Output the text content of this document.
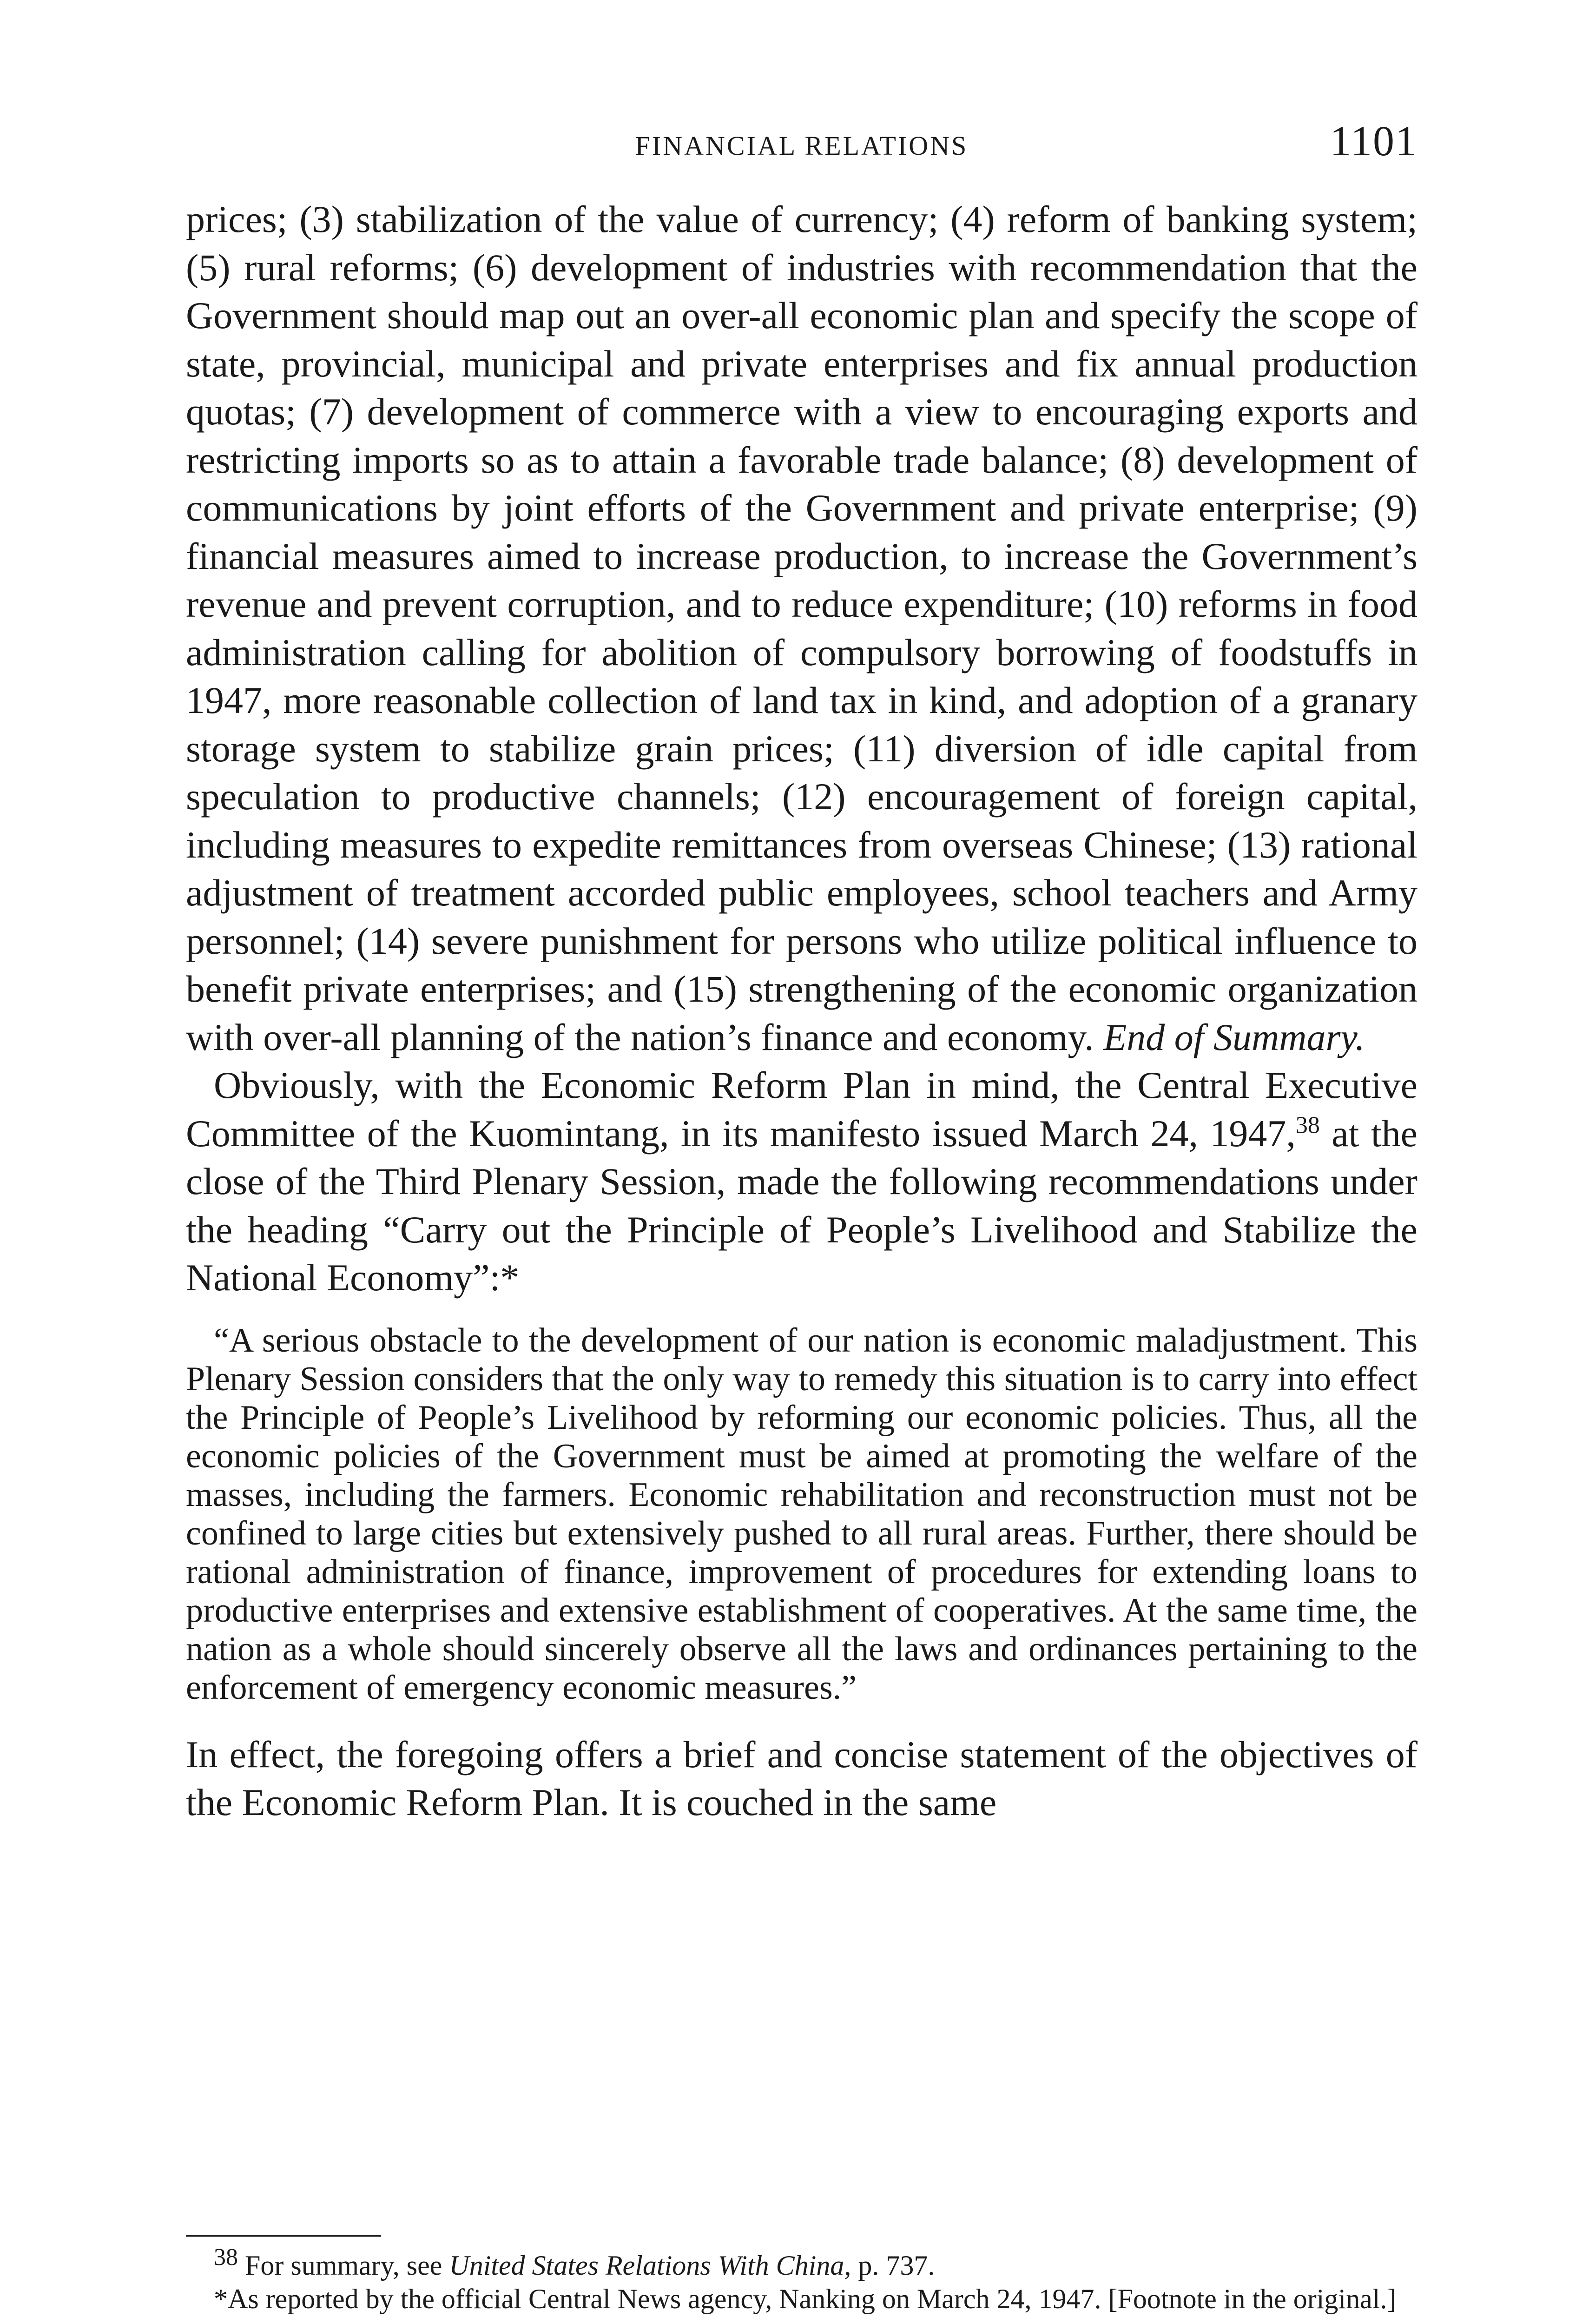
FINANCIAL RELATIONS	1101

prices; (3) stabilization of the value of currency; (4) reform of banking system; (5) rural reforms; (6) development of industries with recommendation that the Government should map out an over-all economic plan and specify the scope of state, provincial, municipal and private enterprises and fix annual production quotas; (7) development of commerce with a view to encouraging exports and restricting imports so as to attain a favorable trade balance; (8) development of communications by joint efforts of the Government and private enterprise; (9) financial measures aimed to increase production, to increase the Government’s revenue and prevent corruption, and to reduce expenditure; (10) reforms in food administration calling for abolition of compulsory borrowing of foodstuffs in 1947, more reasonable collection of land tax in kind, and adoption of a granary storage system to stabilize grain prices; (11) diversion of idle capital from speculation to productive channels; (12) encouragement of foreign capital, including measures to expedite remittances from overseas Chinese; (13) rational adjustment of treatment accorded public employees, school teachers and Army personnel; (14) severe punishment for persons who utilize political influence to benefit private enterprises; and (15) strengthening of the economic organization with over-all planning of the nation’s finance and economy. End of Summary.

Obviously, with the Economic Reform Plan in mind, the Central Executive Committee of the Kuomintang, in its manifesto issued March 24, 1947,38 at the close of the Third Plenary Session, made the following recommendations under the heading “Carry out the Principle of People’s Livelihood and Stabilize the National Economy”:*

“A serious obstacle to the development of our nation is economic maladjustment. This Plenary Session considers that the only way to remedy this situation is to carry into effect the Principle of People’s Livelihood by reforming our economic policies. Thus, all the economic policies of the Government must be aimed at promoting the welfare of the masses, including the farmers. Economic rehabilitation and reconstruction must not be confined to large cities but extensively pushed to all rural areas. Further, there should be rational administration of finance, improvement of procedures for extending loans to productive enterprises and extensive establishment of cooperatives. At the same time, the nation as a whole should sincerely observe all the laws and ordinances pertaining to the enforcement of emergency economic measures.”

In effect, the foregoing offers a brief and concise statement of the objectives of the Economic Reform Plan. It is couched in the same

$^{38}$ For summary, see United States Relations With China, p. 737.

*As reported by the official Central News agency, Nanking on March 24, 1947. [Footnote in the original.]
